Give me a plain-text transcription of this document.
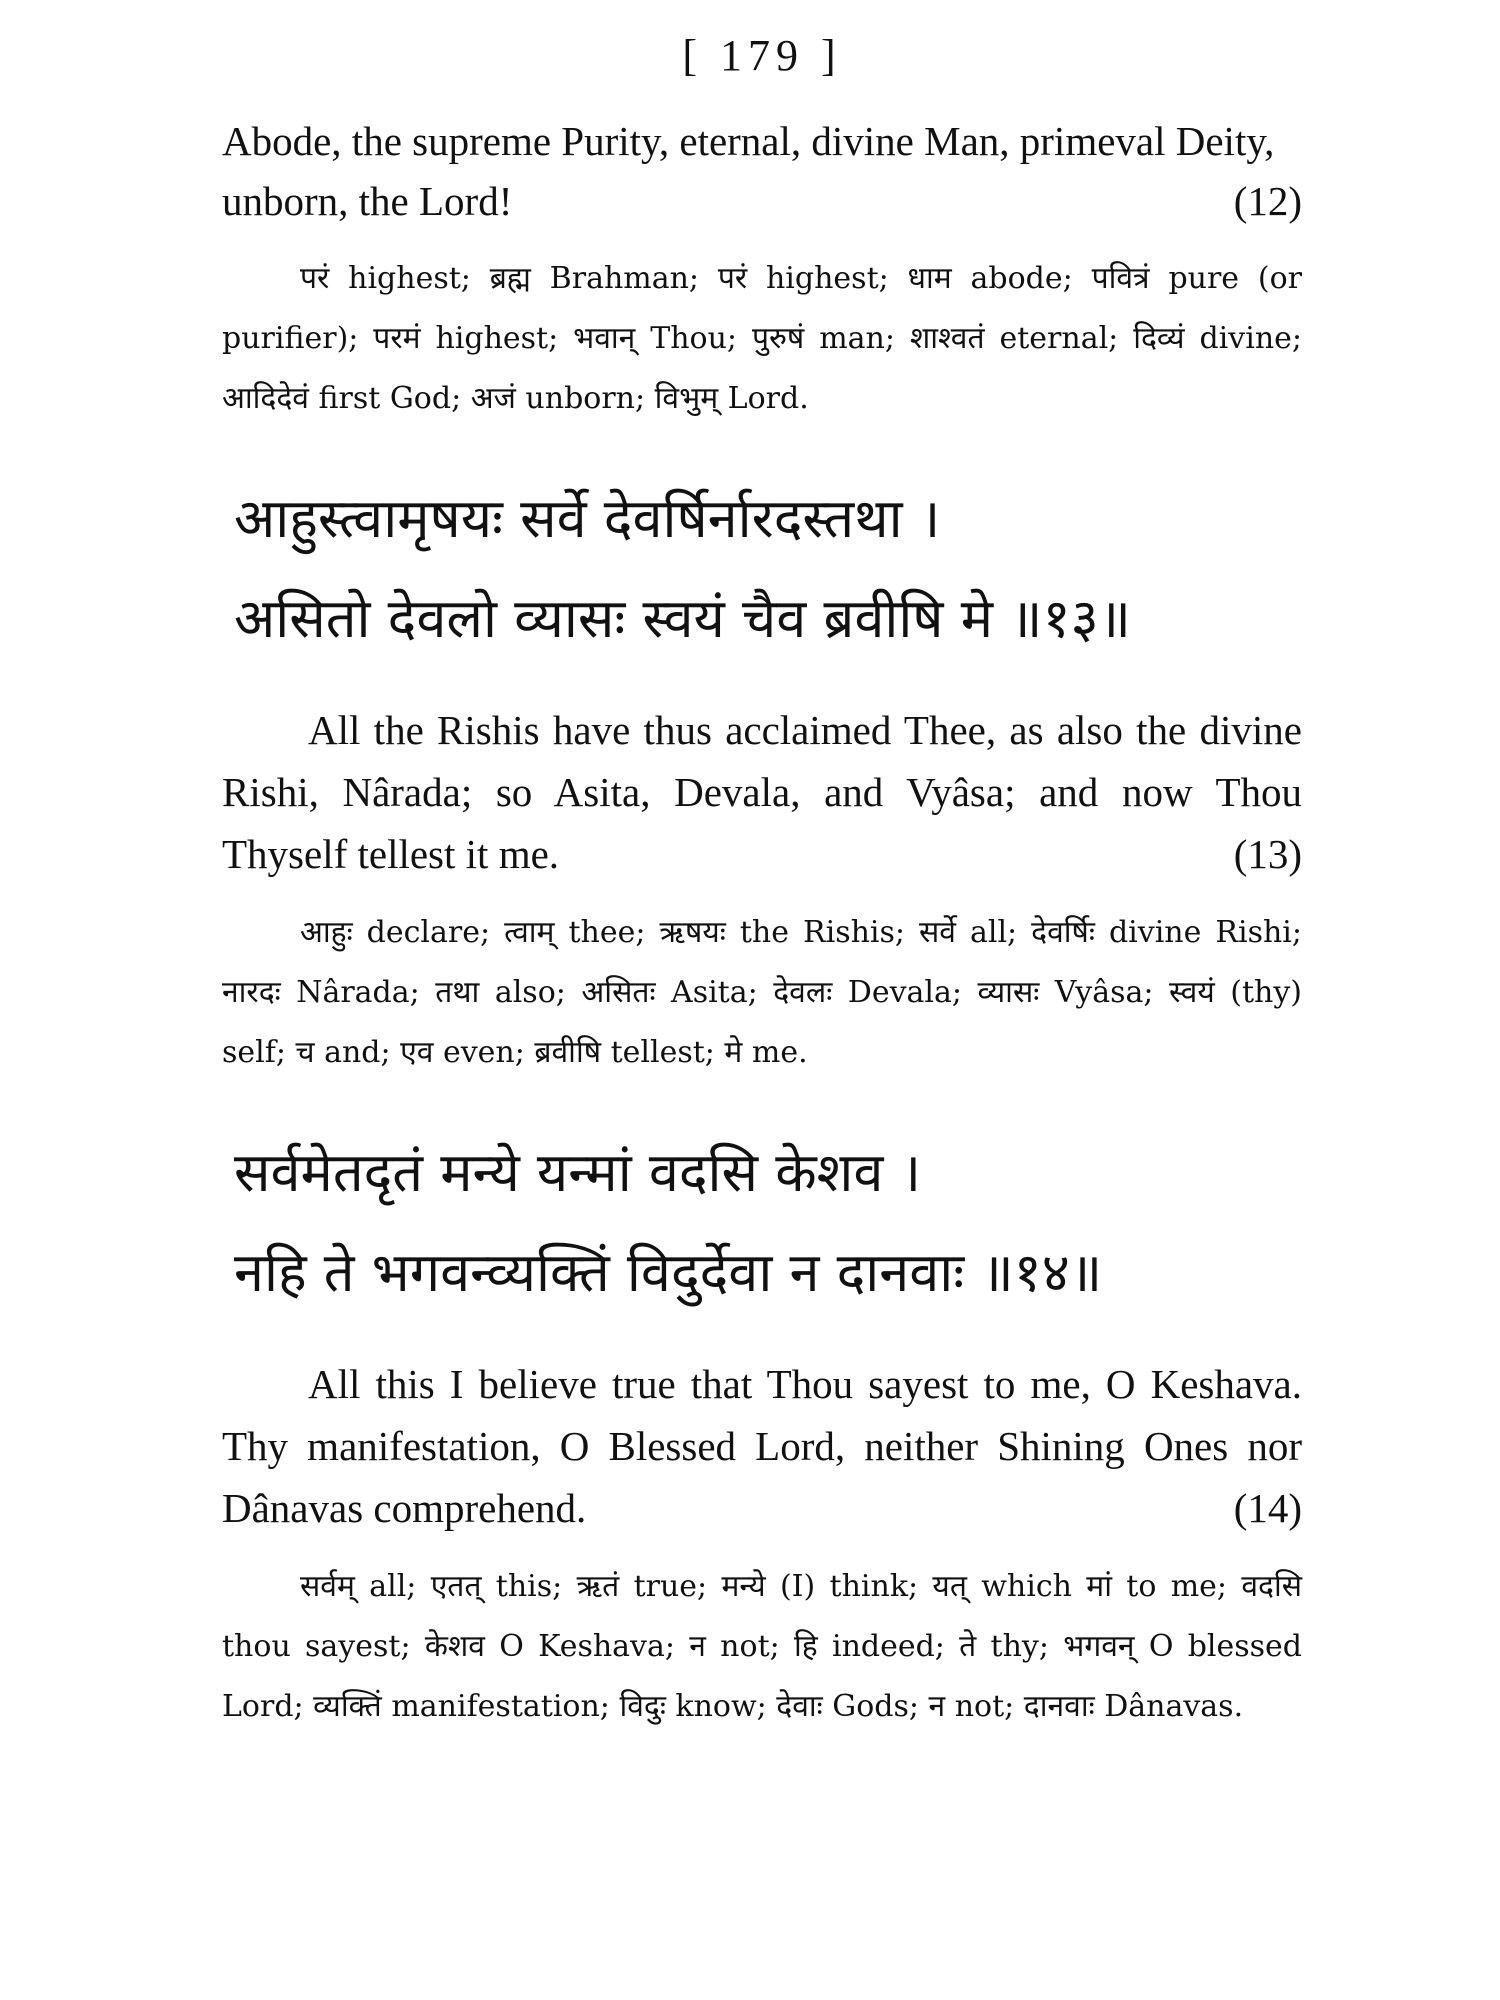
[ 179 ]

Abode, the supreme Purity, eternal, divine Man, primeval Deity, unborn, the Lord!	(12)

परं highest; ब्रह्म Brahman; परं highest; धाम abode; पवित्रं pure (or purifier); परमं highest; भवान् Thou; पुरुषं man; शाश्वतं eternal; दिव्यं divine; आदिदेवं first God; अजं unborn; विभुम् Lord.

आहुस्त्वामृषयः सर्वे देवर्षिर्नारदस्तथा ।

असितो देवलो व्यासः स्वयं चैव ब्रवीषि मे ॥१३॥

All the Rishis have thus acclaimed Thee, as also the divine Rishi, Nârada; so Asita, Devala, and Vyâsa; and now Thou Thyself tellest it me.	(13)

आहुः declare; त्वाम् thee; ऋषयः the Rishis; सर्वे all; देवर्षिः divine Rishi; नारदः Nârada; तथा also; असितः Asita; देवलः Devala; व्यासः Vyâsa; स्वयं (thy) self; च and; एव even; ब्रवीषि tellest; मे me.

सर्वमेतदृतं मन्ये यन्मां वदसि केशव ।

नहि ते भगवन्व्यक्तिं विदुर्देवा न दानवाः ॥१४॥

All this I believe true that Thou sayest to me, O Keshava. Thy manifestation, O Blessed Lord, neither Shining Ones nor Dânavas comprehend.	(14)

सर्वम् all; एतत् this; ऋतं true; मन्ये (I) think; यत् which मां to me; वदसि thou sayest; केशव O Keshava; न not; हि indeed; ते thy; भगवन् O blessed Lord; व्यक्तिं manifestation; विदुः know; देवाः Gods; न not; दानवाः Dânavas.
